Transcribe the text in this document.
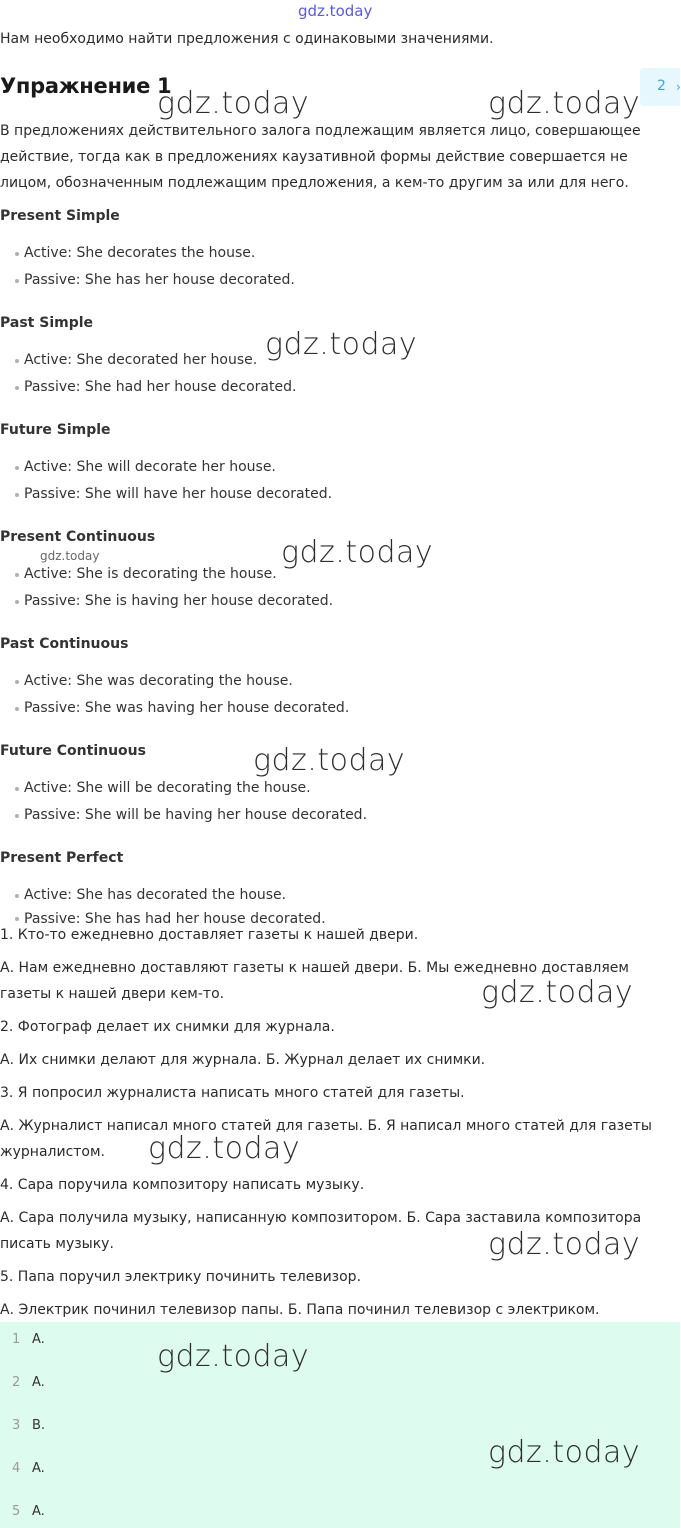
gdz.today
Нам необходимо найти предложения с одинаковыми значениями.
Упражнение 1	2 ›
В предложениях действительного залога подлежащим является лицо, совершающее действие, тогда как в предложениях каузативной формы действие совершается не лицом, обозначенным подлежащим предложения, а кем-то другим за или для него.
Present Simple
Active: She decorates the house.
Passive: She has her house decorated.
Past Simple
Active: She decorated her house.
Passive: She had her house decorated.
Future Simple
Active: She will decorate her house.
Passive: She will have her house decorated.
Present Continuous
Active: She is decorating the house.
Passive: She is having her house decorated.
Past Continuous
Active: She was decorating the house.
Passive: She was having her house decorated.
Future Continuous
Active: She will be decorating the house.
Passive: She will be having her house decorated.
Present Perfect
Active: She has decorated the house.
Passive: She has had her house decorated.
1. Кто-то ежедневно доставляет газеты к нашей двери.
А. Нам ежедневно доставляют газеты к нашей двери. Б. Мы ежедневно доставляем газеты к нашей двери кем-то.
2. Фотограф делает их снимки для журнала.
А. Их снимки делают для журнала. Б. Журнал делает их снимки.
3. Я попросил журналиста написать много статей для газеты.
А. Журналист написал много статей для газеты. Б. Я написал много статей для газеты журналистом.
4. Сара поручила композитору написать музыку.
А. Сара получила музыку, написанную композитором. Б. Сара заставила композитора писать музыку.
5. Папа поручил электрику починить телевизор.
А. Электрик починил телевизор папы. Б. Папа починил телевизор с электриком.
1 A.
2 A.
3 B.
4 A.
5 A.
gdz.today	gdz.today
gdz.today
gdz.today	gdz.today
gdz.today
gdz.today
gdz.today
gdz.today
gdz.today
gdz.today
